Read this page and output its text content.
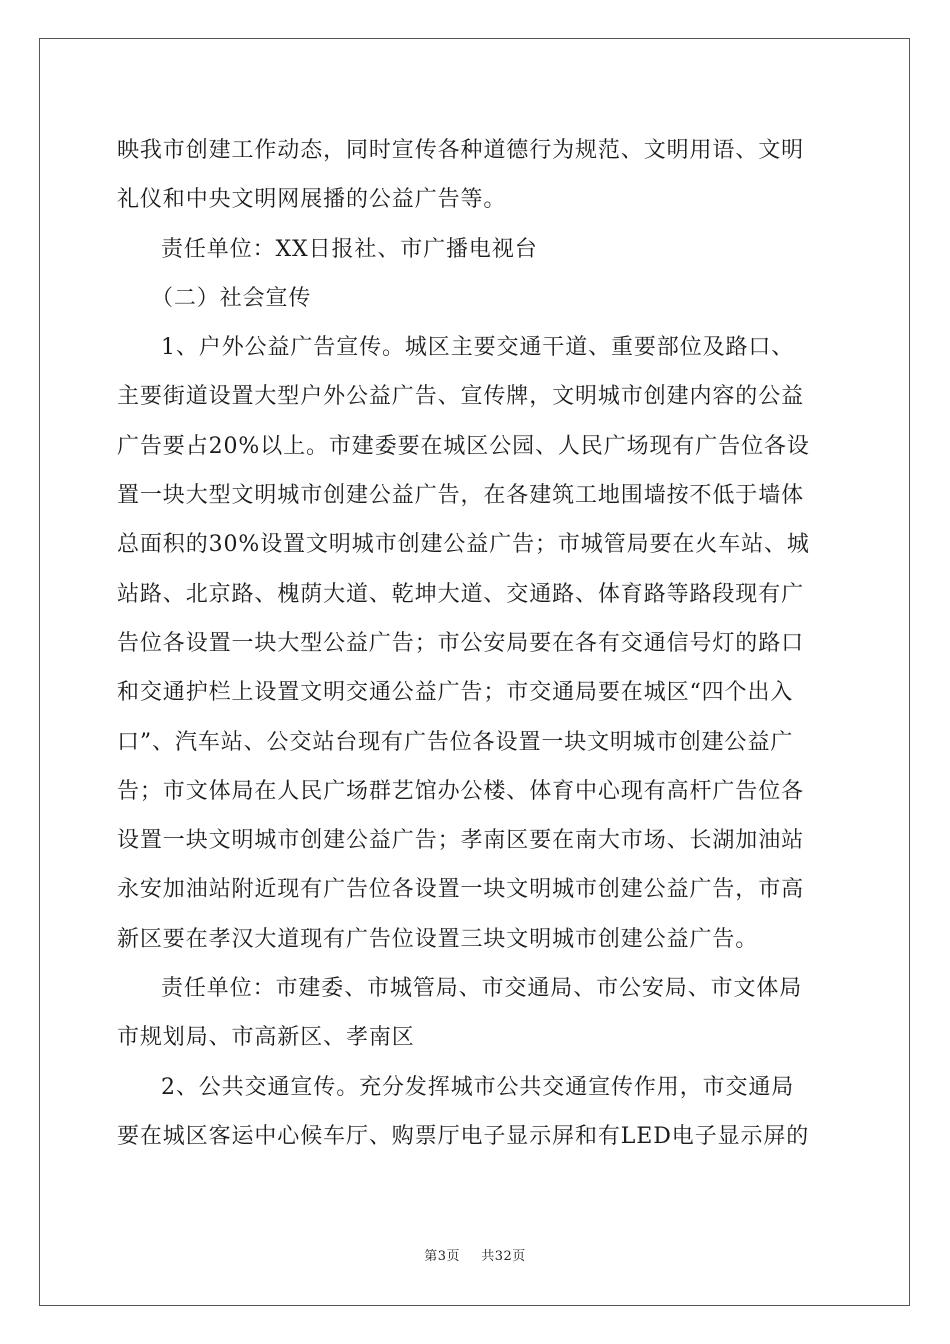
映我市创建工作动态，同时宣传各种道德行为规范、文明用语、文明
礼仪和中央文明网展播的公益广告等。
责任单位：XX日报社、市广播电视台
（二）社会宣传
1、户外公益广告宣传。城区主要交通干道、重要部位及路口、
主要街道设置大型户外公益广告、宣传牌，文明城市创建内容的公益
广告要占20%以上。市建委要在城区公园、人民广场现有广告位各设
置一块大型文明城市创建公益广告，在各建筑工地围墙按不低于墙体
总面积的30%设置文明城市创建公益广告；市城管局要在火车站、城
站路、北京路、槐荫大道、乾坤大道、交通路、体育路等路段现有广
告位各设置一块大型公益广告；市公安局要在各有交通信号灯的路口
和交通护栏上设置文明交通公益广告；市交通局要在城区“四个出入
口”、汽车站、公交站台现有广告位各设置一块文明城市创建公益广
告；市文体局在人民广场群艺馆办公楼、体育中心现有高杆广告位各
设置一块文明城市创建公益广告；孝南区要在南大市场、长湖加油站
永安加油站附近现有广告位各设置一块文明城市创建公益广告，市高
新区要在孝汉大道现有广告位设置三块文明城市创建公益广告。
责任单位：市建委、市城管局、市交通局、市公安局、市文体局
市规划局、市高新区、孝南区
2、公共交通宣传。充分发挥城市公共交通宣传作用，市交通局
要在城区客运中心候车厅、购票厅电子显示屏和有LED电子显示屏的
第3页 共32页
